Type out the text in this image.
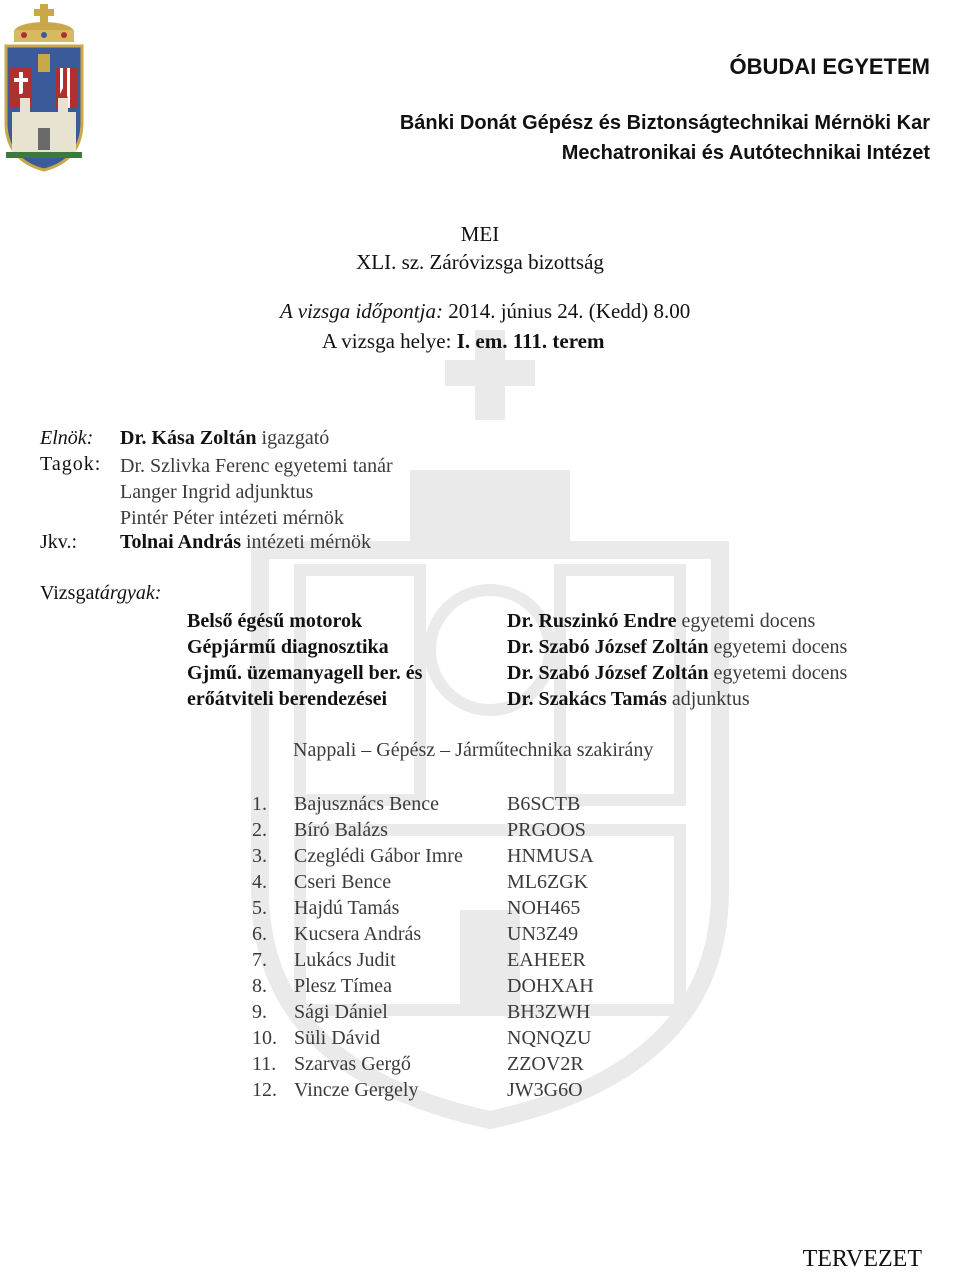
ÓBUDAI EGYETEM
Bánki Donát Gépész és Biztonságtechnikai Mérnöki Kar
Mechatronikai és Autótechnikai Intézet
MEI
XLI. sz. Záróvizsga bizottság
A vizsga időpontja: 2014. június 24. (Kedd) 8.00
A vizsga helye: I. em. 111. terem
Elnök: Dr. Kása Zoltán igazgató
Tagok: Dr. Szlivka Ferenc egyetemi tanár
Langer Ingrid adjunktus
Pintér Péter intézeti mérnök
Jkv.: Tolnai András intézeti mérnök
Vizsgatárgyak:
Belső égésű motorok	Dr. Ruszinkó Endre egyetemi docens
Gépjármű diagnosztika	Dr. Szabó József Zoltán egyetemi docens
Gjmű. üzemanyagell ber. és	Dr. Szabó József Zoltán egyetemi docens
erőátviteli berendezései	Dr. Szakács Tamás adjunktus
Nappali – Gépész – Járműtechnika szakirány
1.	Bajusznács Bence	B6SCTB
2.	Bíró Balázs	PRGOOS
3.	Czeglédi Gábor Imre	HNMUSA
4.	Cseri Bence	ML6ZGK
5.	Hajdú Tamás	NOH465
6.	Kucsera András	UN3Z49
7.	Lukács Judit	EAHEER
8.	Plesz Tímea	DOHXAH
9.	Sági Dániel	BH3ZWH
10.	Süli Dávid	NQNQZU
11.	Szarvas Gergő	ZZOV2R
12.	Vincze Gergely	JW3G6O
TERVEZET
